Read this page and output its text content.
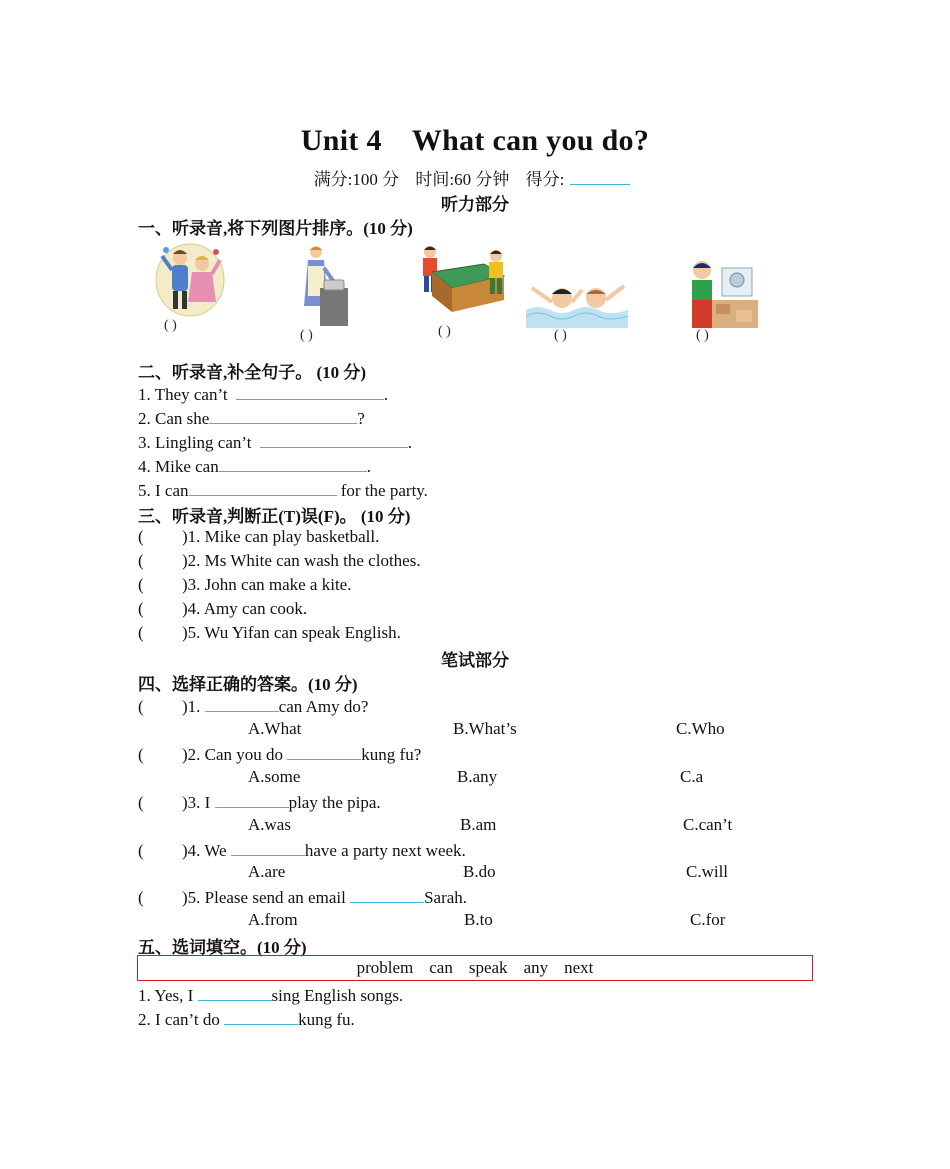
Unit 4 What can you do?
满分:100 分 时间:60 分钟 得分:
听力部分
一、听录音,将下列图片排序。(10 分)
( )
( )	( )	( )	( )
二、听录音,补全句子。 (10 分)
1. They can’t	.
2. Can she	?
3. Lingling can’t	.
4. Mike can	.
5. I can	for the party.
三、听录音,判断正(T)误(F)。 (10 分)
( )1. Mike can play basketball.
( )2. Ms White can wash the clothes.
( )3. John can make a kite.
( )4. Amy can cook.
( )5. Wu Yifan can speak English.
笔试部分
四、选择正确的答案。(10 分)
( )1.	can Amy do?
A.What	B.What’s	C.Who
( )2. Can you do	kung fu?
A.some	B.any	C.a
( )3. I	play the pipa.
A.was	B.am	C.can’t
( )4. We	have a party next week.
A.are	B.do	C.will
( )5. Please send an email	Sarah.
A.from	B.to	C.for
五、选词填空。(10 分)
problem can speak any next
1. Yes, I	sing English songs.
2. I can’t do	kung fu.
